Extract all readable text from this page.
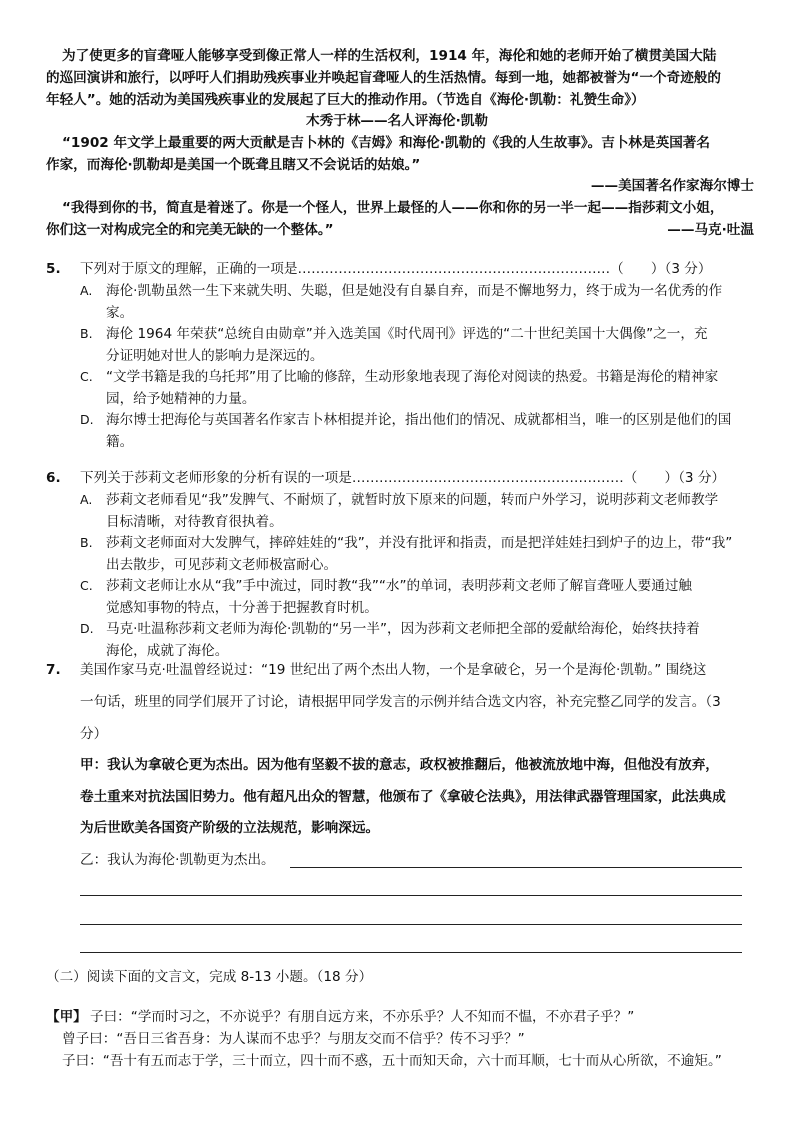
为了使更多的盲聋哑人能够享受到像正常人一样的生活权利，1914 年，海伦和她的老师开始了横贯美国大陆
的巡回演讲和旅行，以呼吁人们捐助残疾事业并唤起盲聋哑人的生活热情。每到一地，她都被誉为“一个奇迹般的
年轻人”。她的活动为美国残疾事业的发展起了巨大的推动作用。（节选自《海伦·凯勒：礼赞生命》）
木秀于林——名人评海伦·凯勒
“1902 年文学上最重要的两大贡献是吉卜林的《吉姆》和海伦·凯勒的《我的人生故事》。吉卜林是英国著名
作家，而海伦·凯勒却是美国一个既聋且瞎又不会说话的姑娘。”
——美国著名作家海尔博士
“我得到你的书，简直是着迷了。你是一个怪人，世界上最怪的人——你和你的另一半一起——指莎莉文小姐，
你们这一对构成完全的和完美无缺的一个整体。”	——马克·吐温
5. 下列对于原文的理解，正确的一项是……………………………………………………………（　　）（3 分）
A. 海伦·凯勒虽然一生下来就失明、失聪，但是她没有自暴自弃，而是不懈地努力，终于成为一名优秀的作
家。
B. 海伦 1964 年荣获“总统自由勋章”并入选美国《时代周刊》评选的“二十世纪美国十大偶像”之一，充
分证明她对世人的影响力是深远的。
C. “文学书籍是我的乌托邦”用了比喻的修辞，生动形象地表现了海伦对阅读的热爱。书籍是海伦的精神家
园，给予她精神的力量。
D. 海尔博士把海伦与英国著名作家吉卜林相提并论，指出他们的情况、成就都相当，唯一的区别是他们的国
籍。
6. 下列关于莎莉文老师形象的分析有误的一项是……………………………………………………（　　）（3 分）
A. 莎莉文老师看见“我”发脾气、不耐烦了，就暂时放下原来的问题，转而户外学习，说明莎莉文老师教学
目标清晰，对待教育很执着。
B. 莎莉文老师面对大发脾气，摔碎娃娃的“我”，并没有批评和指责，而是把洋娃娃扫到炉子的边上，带“我”
出去散步，可见莎莉文老师极富耐心。
C. 莎莉文老师让水从“我”手中流过，同时教“我”“水”的单词，表明莎莉文老师了解盲聋哑人要通过触
觉感知事物的特点，十分善于把握教育时机。
D. 马克·吐温称莎莉文老师为海伦·凯勒的“另一半”，因为莎莉文老师把全部的爱献给海伦，始终扶持着
海伦，成就了海伦。
7. 美国作家马克·吐温曾经说过：“19 世纪出了两个杰出人物，一个是拿破仑，另一个是海伦·凯勒。” 围绕这
一句话，班里的同学们展开了讨论，请根据甲同学发言的示例并结合选文内容，补充完整乙同学的发言。（3
分）
甲：我认为拿破仑更为杰出。因为他有坚毅不拔的意志，政权被推翻后，他被流放地中海，但他没有放弃，
卷土重来对抗法国旧势力。他有超凡出众的智慧，他颁布了《拿破仑法典》，用法律武器管理国家，此法典成
为后世欧美各国资产阶级的立法规范，影响深远。
乙：我认为海伦·凯勒更为杰出。
（二）阅读下面的文言文，完成 8-13 小题。（18 分）
【甲】 子曰：“学而时习之，不亦说乎？有朋自远方来，不亦乐乎？人不知而不愠，不亦君子乎？”
曾子曰：“吾日三省吾身：为人谋而不忠乎？与朋友交而不信乎？传不习乎？”
子曰：“吾十有五而志于学，三十而立，四十而不惑，五十而知天命，六十而耳顺，七十而从心所欲，不逾矩。”
